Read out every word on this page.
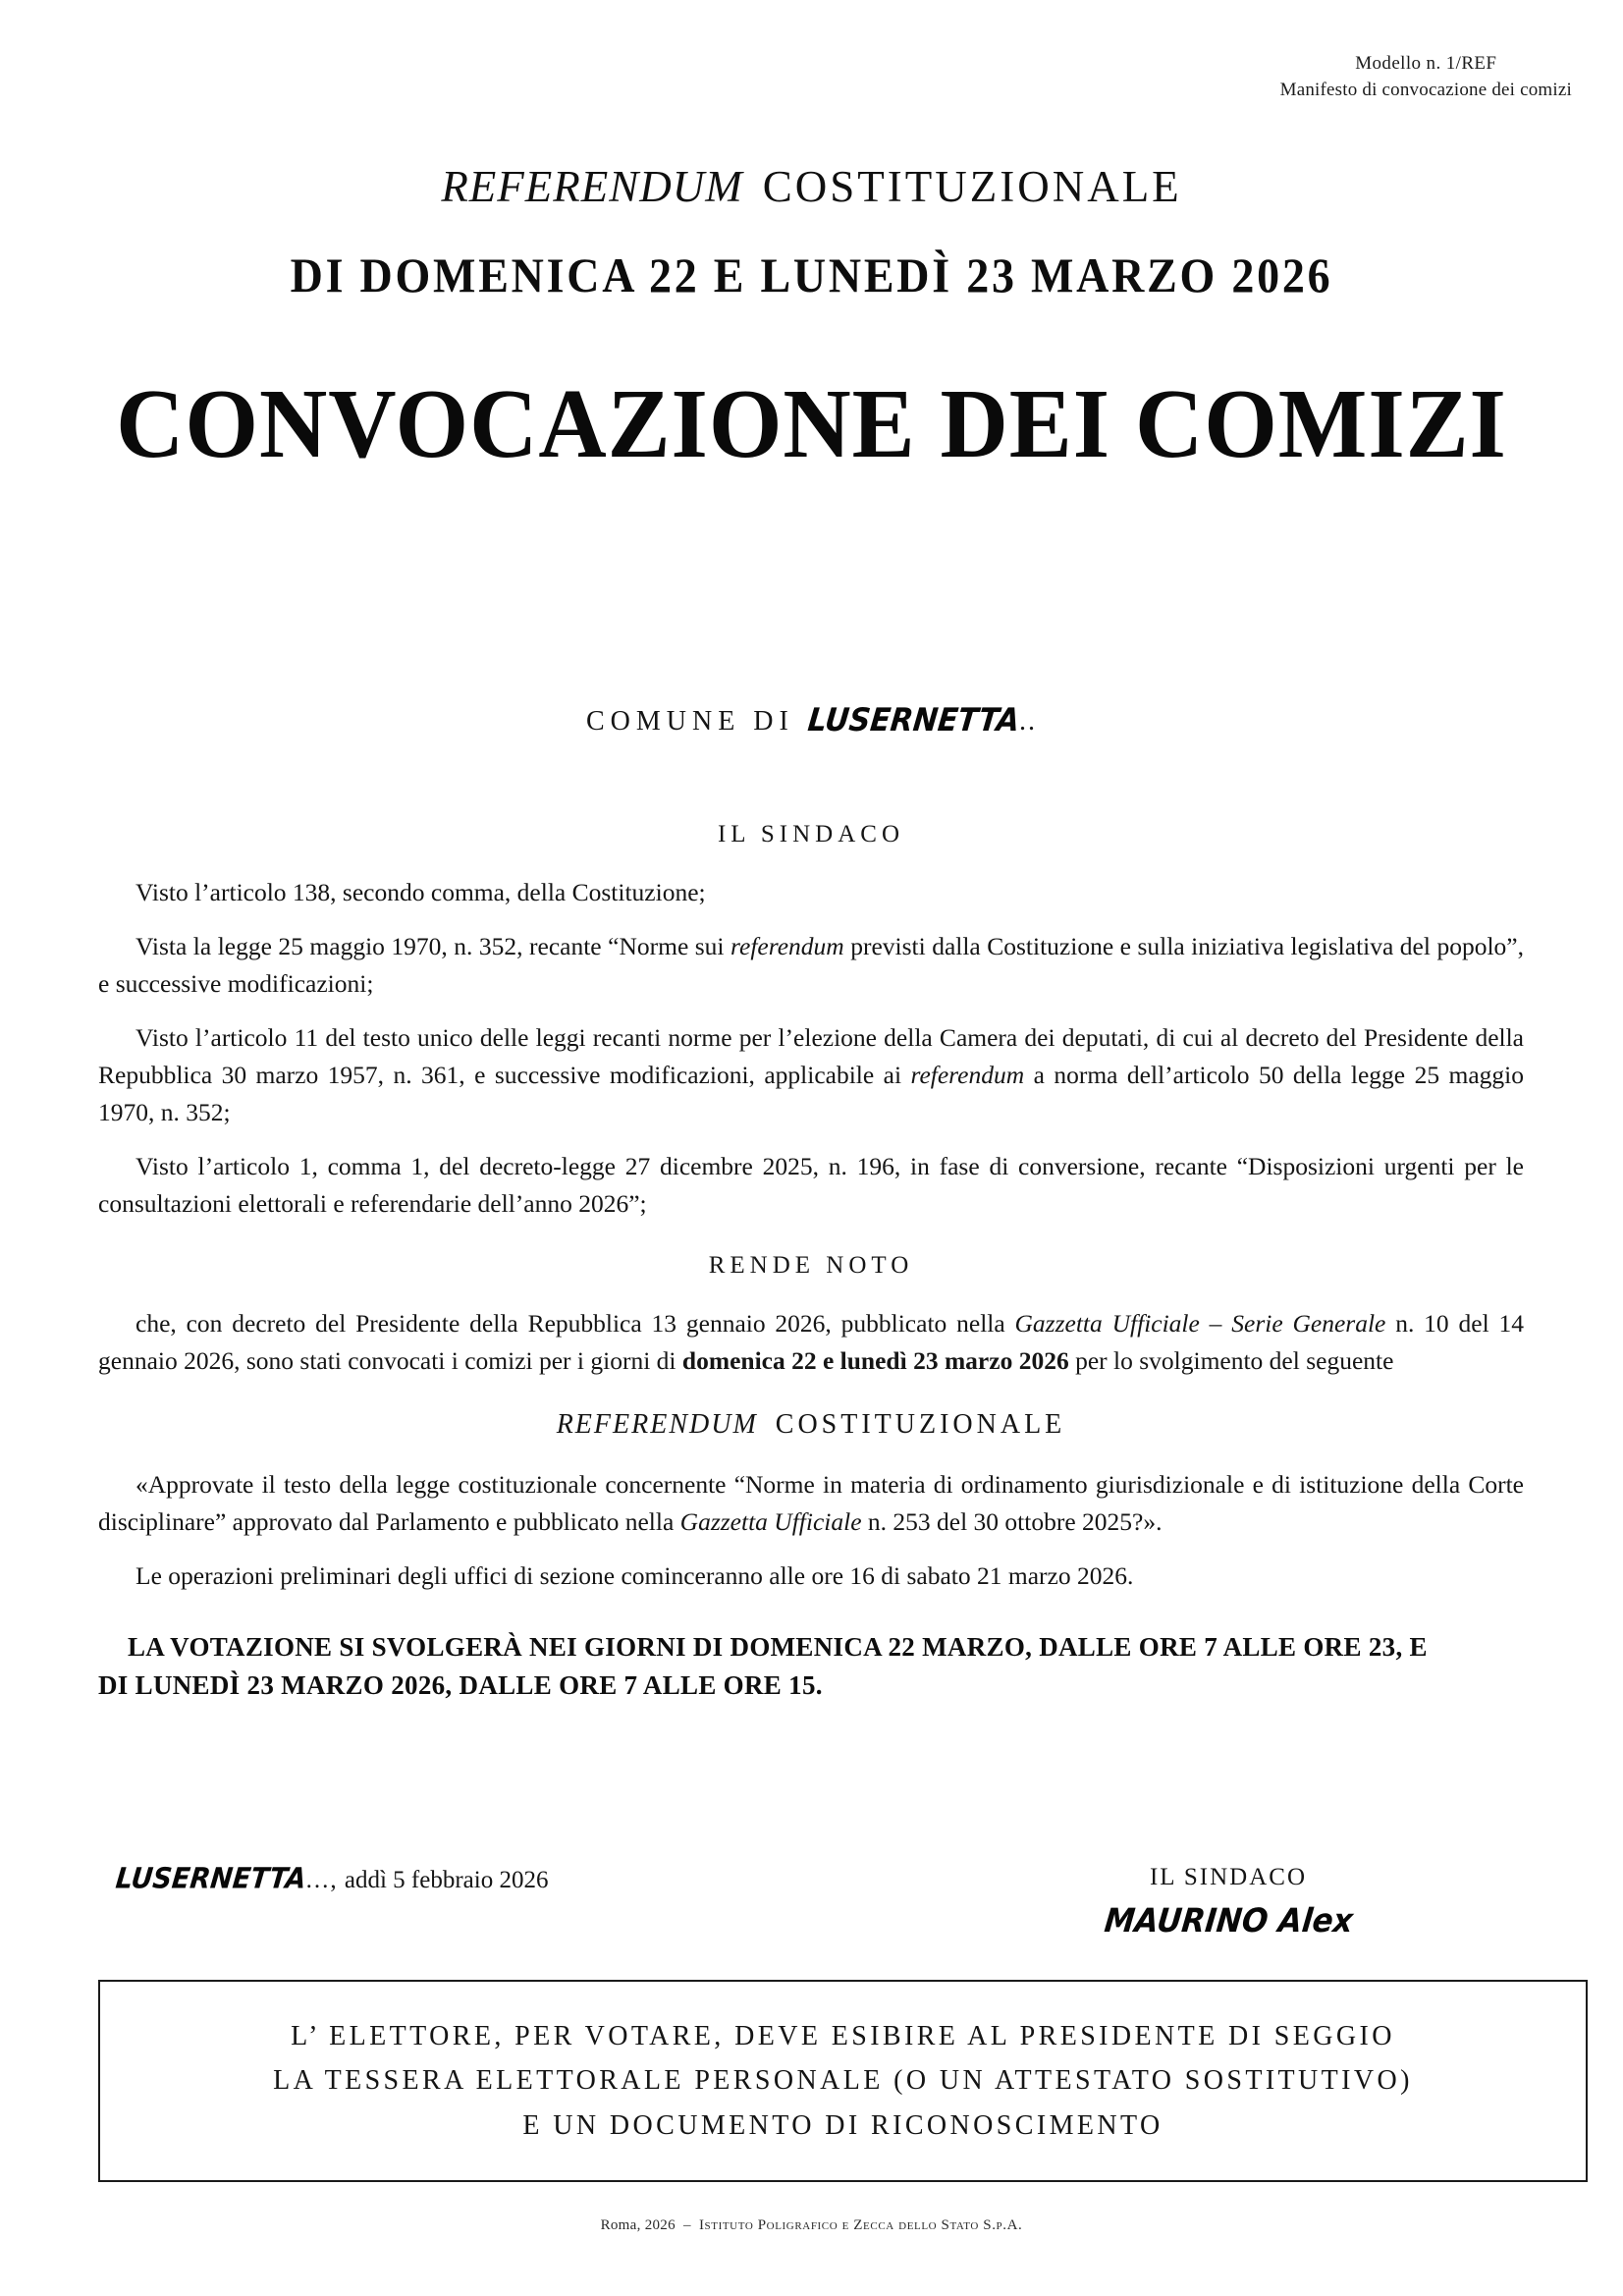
Modello n. 1/REF
Manifesto di convocazione dei comizi
REFERENDUM COSTITUZIONALE
DI DOMENICA 22 E LUNEDÌ 23 MARZO 2026
CONVOCAZIONE DEI COMIZI
COMUNE DI LUSERNETTA..
IL SINDACO

Visto l’articolo 138, secondo comma, della Costituzione;

Vista la legge 25 maggio 1970, n. 352, recante “Norme sui referendum previsti dalla Costituzione e sulla iniziativa legislativa del popolo”, e successive modificazioni;

Visto l’articolo 11 del testo unico delle leggi recanti norme per l’elezione della Camera dei deputati, di cui al decreto del Presidente della Repubblica 30 marzo 1957, n. 361, e successive modificazioni, applicabile ai referendum a norma dell’articolo 50 della legge 25 maggio 1970, n. 352;

Visto l’articolo 1, comma 1, del decreto-legge 27 dicembre 2025, n. 196, in fase di conversione, recante “Disposizioni urgenti per le consultazioni elettorali e referendarie dell’anno 2026”;

RENDE NOTO

che, con decreto del Presidente della Repubblica 13 gennaio 2026, pubblicato nella Gazzetta Ufficiale – Serie Generale n. 10 del 14 gennaio 2026, sono stati convocati i comizi per i giorni di domenica 22 e lunedì 23 marzo 2026 per lo svolgimento del seguente

REFERENDUM COSTITUZIONALE

«Approvate il testo della legge costituzionale concernente “Norme in materia di ordinamento giurisdizionale e di istituzione della Corte disciplinare” approvato dal Parlamento e pubblicato nella Gazzetta Ufficiale n. 253 del 30 ottobre 2025?».

Le operazioni preliminari degli uffici di sezione cominceranno alle ore 16 di sabato 21 marzo 2026.

LA VOTAZIONE SI SVOLGERÀ NEI GIORNI DI DOMENICA 22 MARZO, DALLE ORE 7 ALLE ORE 23, E
DI LUNEDÌ 23 MARZO 2026, DALLE ORE 7 ALLE ORE 15.

LUSERNETTA..., addì 5 febbraio 2026	IL SINDACO
MAURINO Alex
L’ ELETTORE, PER VOTARE, DEVE ESIBIRE AL PRESIDENTE DI SEGGIO
LA TESSERA ELETTORALE PERSONALE (O UN ATTESTATO SOSTITUTIVO)
E UN DOCUMENTO DI RICONOSCIMENTO
Roma, 2026 – Istituto Poligrafico e Zecca dello Stato S.p.A.
